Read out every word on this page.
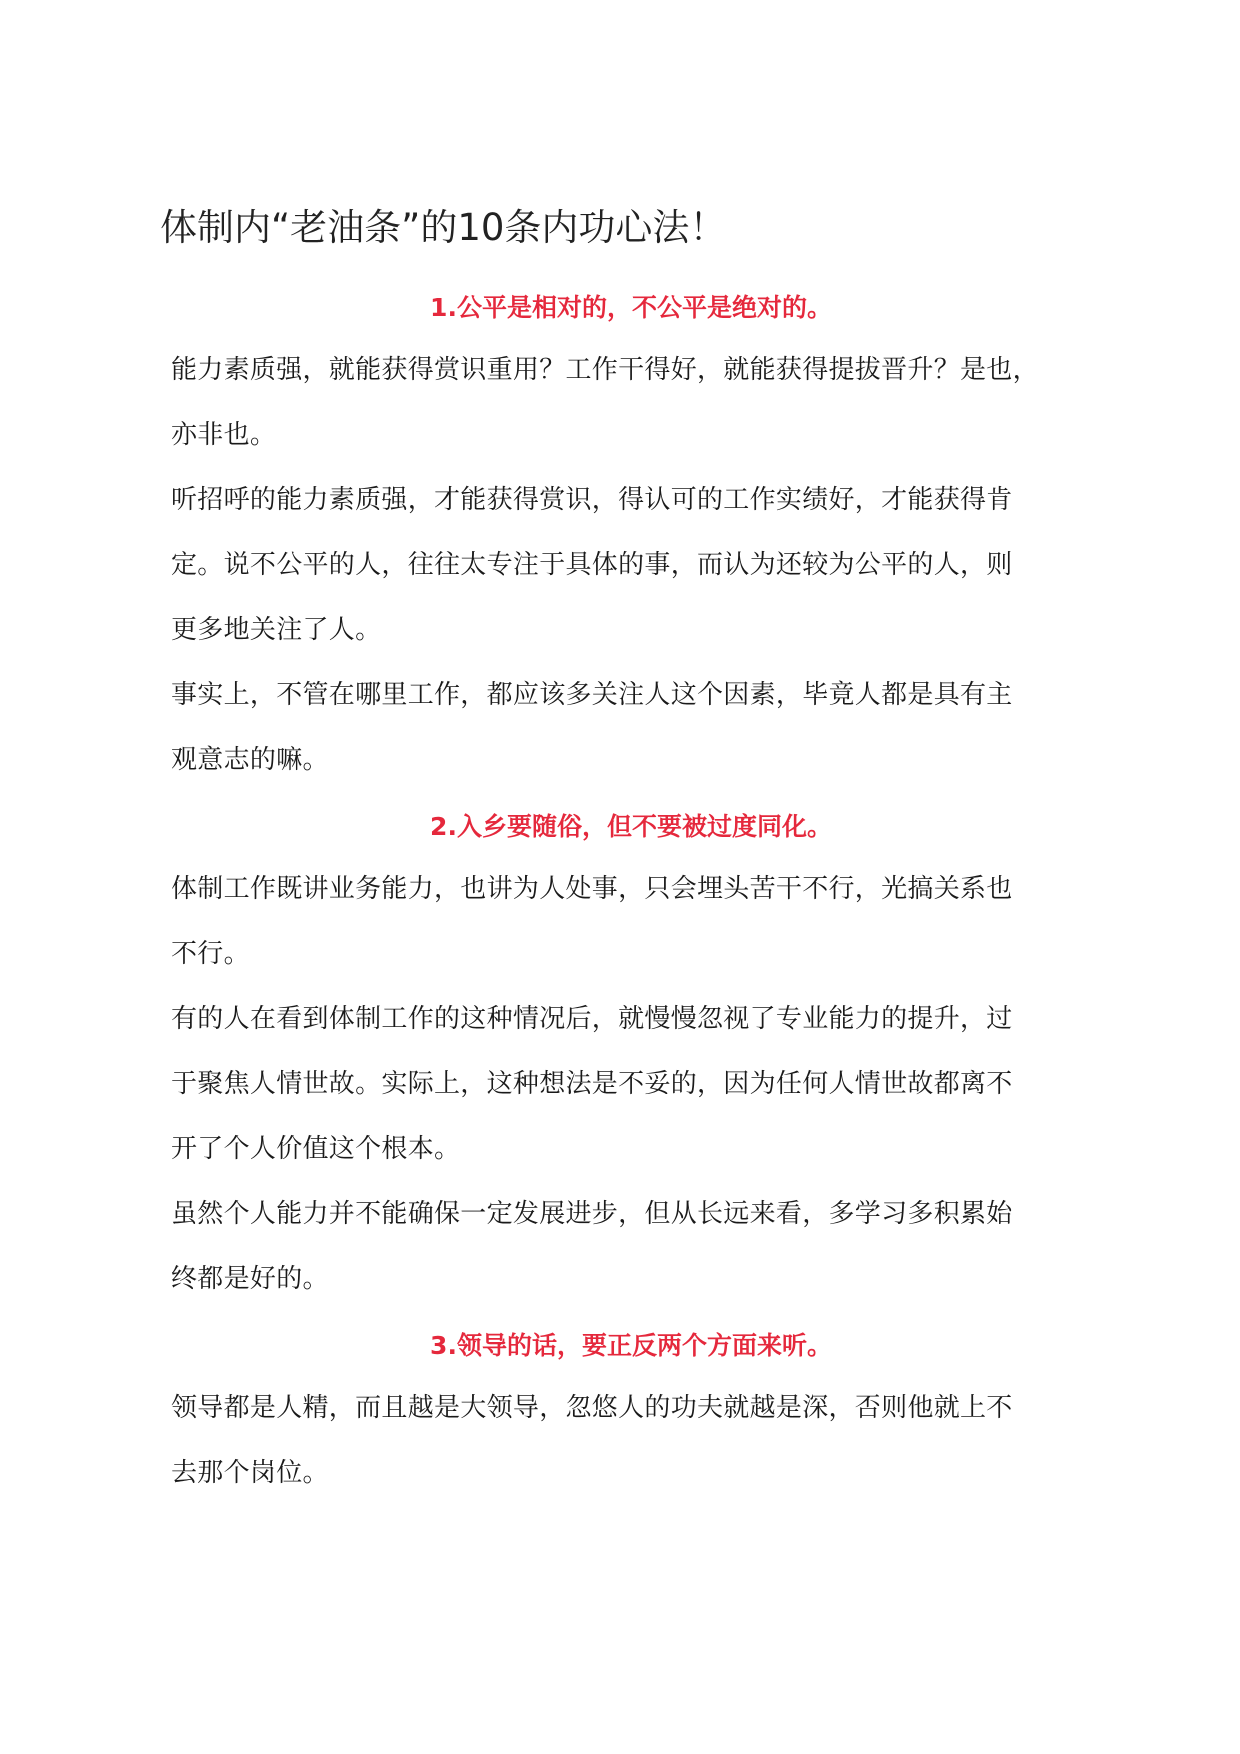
体制内“老油条”的10条内功心法！
1.公平是相对的，不公平是绝对的。

能力素质强，就能获得赏识重用？工作干得好，就能获得提拔晋升？是也，
亦非也。

听招呼的能力素质强，才能获得赏识，得认可的工作实绩好，才能获得肯
定。说不公平的人，往往太专注于具体的事，而认为还较为公平的人，则
更多地关注了人。

事实上，不管在哪里工作，都应该多关注人这个因素，毕竟人都是具有主
观意志的嘛。

2.入乡要随俗，但不要被过度同化。

体制工作既讲业务能力，也讲为人处事，只会埋头苦干不行，光搞关系也
不行。

有的人在看到体制工作的这种情况后，就慢慢忽视了专业能力的提升，过
于聚焦人情世故。实际上，这种想法是不妥的，因为任何人情世故都离不
开了个人价值这个根本。

虽然个人能力并不能确保一定发展进步，但从长远来看，多学习多积累始
终都是好的。

3.领导的话，要正反两个方面来听。

领导都是人精，而且越是大领导，忽悠人的功夫就越是深，否则他就上不
去那个岗位。
